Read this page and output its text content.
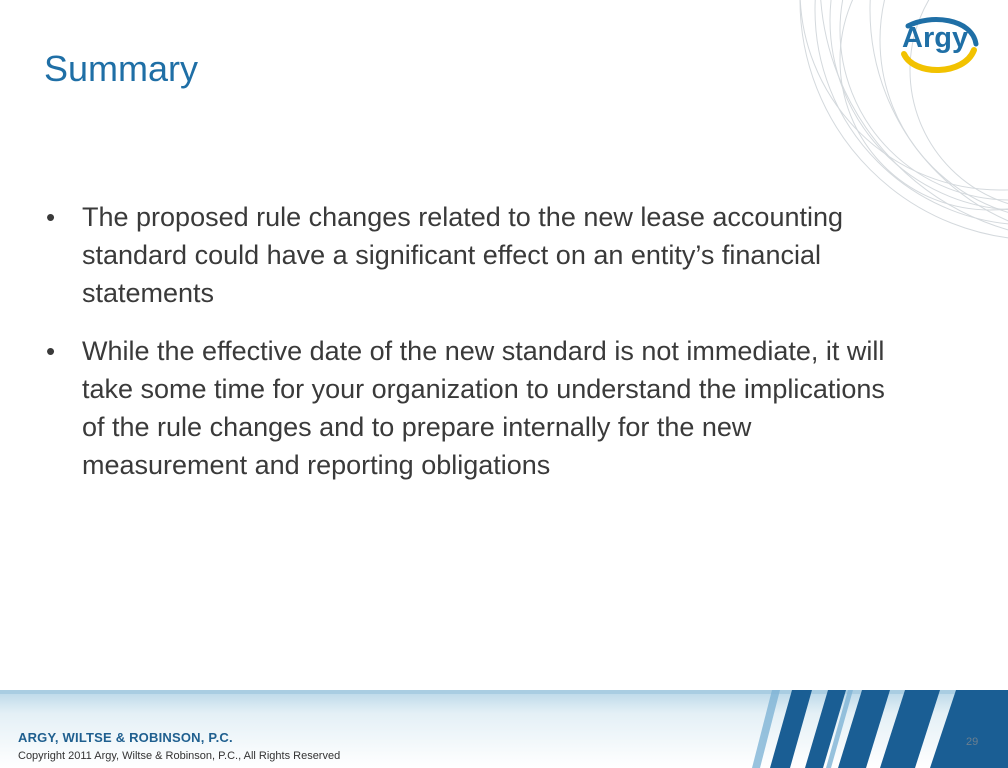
Summary
Argy
• The proposed rule changes related to the new lease accounting standard could have a significant effect on an entity’s financial statements
• While the effective date of the new standard is not immediate, it will take some time for your organization to understand the implications of the rule changes and to prepare internally for the new measurement and reporting obligations
ARGY, WILTSE & ROBINSON, P.C.
Copyright 2011 Argy, Wiltse & Robinson, P.C., All Rights Reserved
29
